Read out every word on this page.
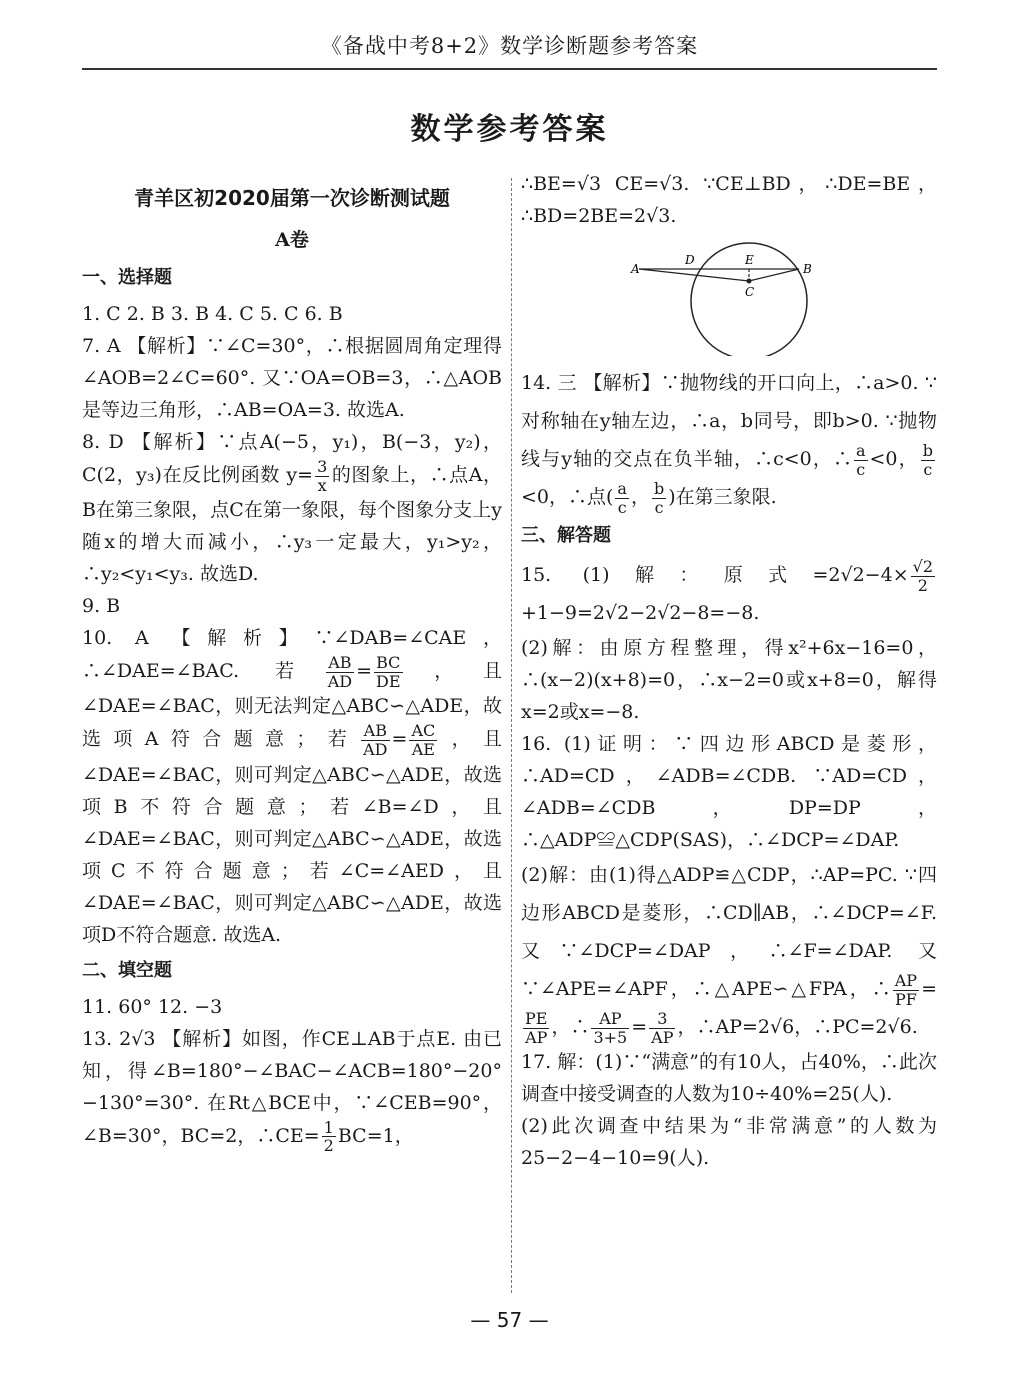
《备战中考8+2》数学诊断题参考答案
数学参考答案
青羊区初2020届第一次诊断测试题
A卷
一、选择题
1. C 2. B 3. B 4. C 5. C 6. B
7. A 【解析】∵∠C=30°，∴根据圆周角定理得∠AOB=2∠C=60°. 又∵OA=OB=3，∴△AOB是等边三角形，∴AB=OA=3. 故选A.
8. D 【解析】∵点A(−5，y₁)，B(−3，y₂)，C(2，y₃)在反比例函数 $y= \frac{3}{x}$ 的图象上，∴点A，B在第三象限，点C在第一象限，每个图象分支上y随x的增大而减小，∴y₃一定最大，y₁>y₂，∴y₂<y₁<y₃. 故选D.
9. B
10. A 【解析】∵∠DAB=∠CAE，∴∠DAE=∠BAC. 若 $\frac{AB}{AD} = \frac{BC}{DE}$ ，且∠DAE=∠BAC，则无法判定△ABC∽△ADE，故选项A符合题意；若 $\frac{AB}{AD} = \frac{AC}{AE}$ ，且∠DAE=∠BAC，则可判定△ABC∽△ADE，故选项B不符合题意；若∠B=∠D，且∠DAE=∠BAC，则可判定△ABC∽△ADE，故选项C不符合题意；若∠C=∠AED，且∠DAE=∠BAC，则可判定△ABC∽△ADE，故选项D不符合题意. 故选A.
二、填空题
11. 60° 12. −3
13. 2√3 【解析】如图，作CE⊥AB于点E. 由已知，得∠B=180°−∠BAC−∠ACB=180°−20°−130°=30°. 在Rt△BCE中，∵∠CEB=90°，∠B=30°，BC=2，∴CE= $\frac{1}{2} BC=1$，
∴BE=√3 CE=√3. ∵CE⊥BD，∴DE=BE，∴BD=2BE=2√3.
A
D	E
B
C
14. 三 【解析】∵抛物线的开口向上，∴a>0. ∵对称轴在y轴左边，∴a，b同号，即b>0. ∵抛物线与y轴的交点在负半轴，∴c<0，∴ $\frac{a}{c} <0$， $\frac{b}{c}$
<0，∴点( $\frac{a}{c}$ ， $\frac{b}{c}$ )在第三象限.
三、解答题
15. (1)解：原式$=2√2-4\times \frac{√2}{2}$
+1−9=2√2−2√2−8=−8.
(2)解：由原方程整理，得x²+6x−16=0，∴(x−2)(x+8)=0，∴x−2=0或x+8=0，解得x=2或x=−8.
16. (1)证明：∵四边形ABCD是菱形，∴AD=CD，∠ADB=∠CDB. ∵AD=CD，∠ADB=∠CDB，DP=DP，∴△ADP≌△CDP(SAS)，∴∠DCP=∠DAP.
(2)解：由(1)得△ADP≌△CDP，∴AP=PC. ∵四边形ABCD是菱形，∴CD∥AB，∴∠DCP=∠F. 又∵∠DCP=∠DAP，∴∠F=∠DAP. 又∵∠APE=∠APF，∴△APE∽△FPA，∴ $\frac{AP}{PF}$ =
$\frac{PE}{AP}$ ，∴ $\frac{AP}{3+5} = \frac{3}{AP}$ ，∴AP=2√6，∴PC=2√6.
17. 解：(1)∵“满意”的有10人，占40%，∴此次调查中接受调查的人数为10÷40%=25(人).
(2)此次调查中结果为“非常满意”的人数为25−2−4−10=9(人).
— 57 —
